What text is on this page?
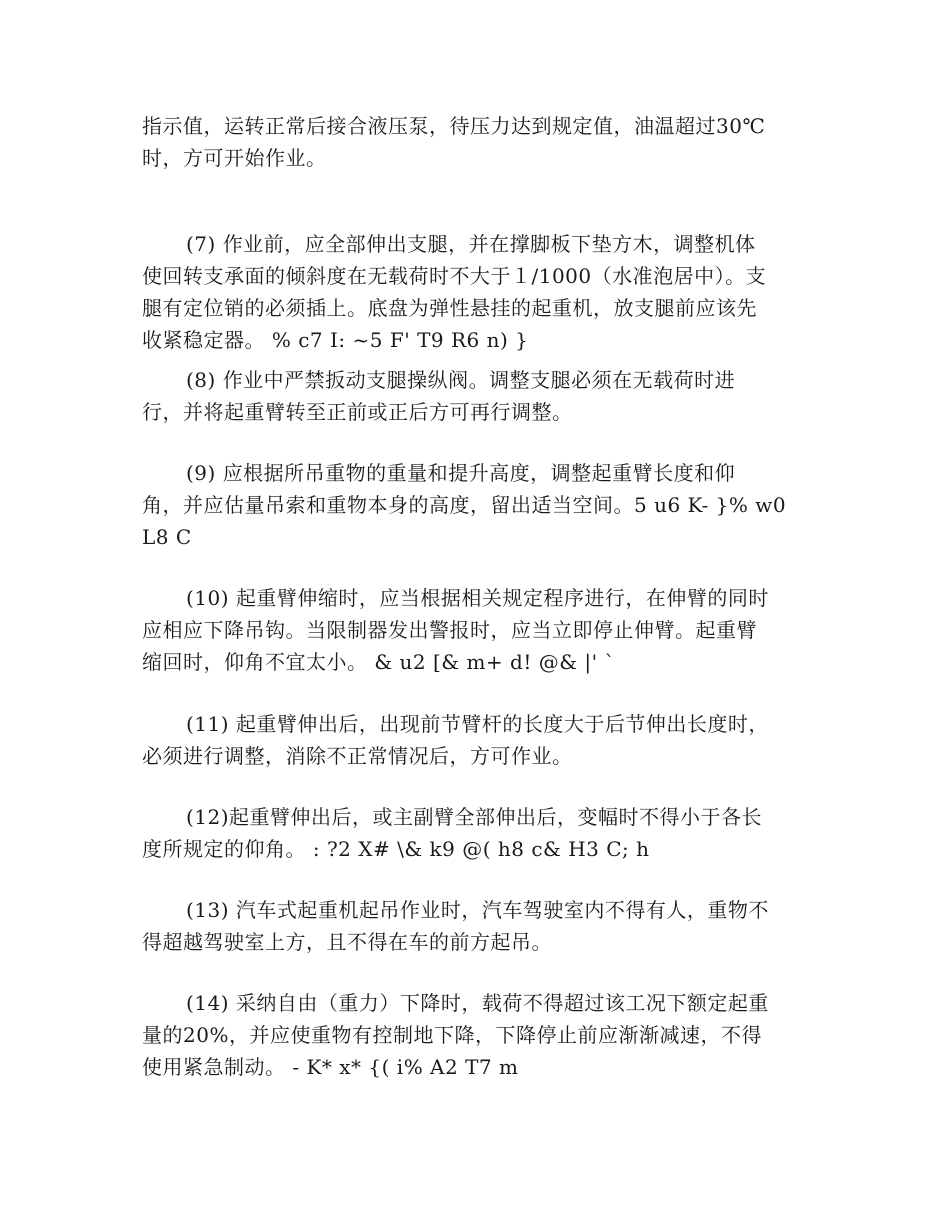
指示值，运转正常后接合液压泵，待压力达到规定值，油温超过30℃
时，方可开始作业。
(7) 作业前，应全部伸出支腿，并在撑脚板下垫方木，调整机体
使回转支承面的倾斜度在无载荷时不大于１/1000（水准泡居中）。支
腿有定位销的必须插上。底盘为弹性悬挂的起重机，放支腿前应该先
收紧稳定器。 % c7 I: ~5 F' T9 R6 n) }
(8) 作业中严禁扳动支腿操纵阀。调整支腿必须在无载荷时进
行，并将起重臂转至正前或正后方可再行调整。
(9) 应根据所吊重物的重量和提升高度，调整起重臂长度和仰
角，并应估量吊索和重物本身的高度，留出适当空间。5 u6 K- }% w0
L8 C
(10) 起重臂伸缩时，应当根据相关规定程序进行，在伸臂的同时
应相应下降吊钩。当限制器发出警报时，应当立即停止伸臂。起重臂
缩回时，仰角不宜太小。 & u2 [& m+ d! @& |' `
(11) 起重臂伸出后，出现前节臂杆的长度大于后节伸出长度时，
必须进行调整，消除不正常情况后，方可作业。
(12)起重臂伸出后，或主副臂全部伸出后，变幅时不得小于各长
度所规定的仰角。 : ?2 X# \& k9 @( h8 c& H3 C; h
(13) 汽车式起重机起吊作业时，汽车驾驶室内不得有人，重物不
得超越驾驶室上方，且不得在车的前方起吊。
(14) 采纳自由（重力）下降时，载荷不得超过该工况下额定起重
量的20%，并应使重物有控制地下降，下降停止前应渐渐减速，不得
使用紧急制动。 - K* x* {( i% A2 T7 m
